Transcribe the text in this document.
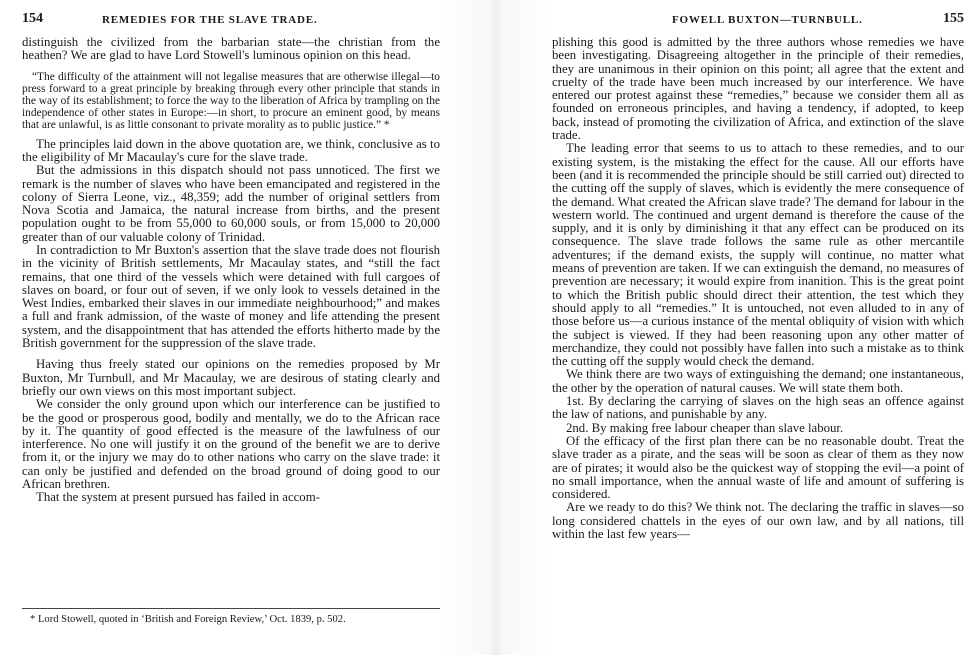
154	REMEDIES FOR THE SLAVE TRADE.

distinguish the civilized from the barbarian state—the christian from the heathen? We are glad to have Lord Stowell's luminous opinion on this head.

“The difficulty of the attainment will not legalise measures that are otherwise illegal—to press forward to a great principle by breaking through every other principle that stands in the way of its establishment; to force the way to the liberation of Africa by trampling on the independence of other states in Europe:—in short, to procure an eminent good, by means that are unlawful, is as little consonant to private morality as to public justice.” *

The principles laid down in the above quotation are, we think, conclusive as to the eligibility of Mr Macaulay's cure for the slave trade.

But the admissions in this dispatch should not pass unnoticed. The first we remark is the number of slaves who have been emancipated and registered in the colony of Sierra Leone, viz., 48,359; add the number of original settlers from Nova Scotia and Jamaica, the natural increase from births, and the present population ought to be from 55,000 to 60,000 souls, or from 15,000 to 20,000 greater than of our valuable colony of Trinidad.

In contradiction to Mr Buxton's assertion that the slave trade does not flourish in the vicinity of British settlements, Mr Macaulay states, and “still the fact remains, that one third of the vessels which were detained with full cargoes of slaves on board, or four out of seven, if we only look to vessels detained in the West Indies, embarked their slaves in our immediate neighbourhood;” and makes a full and frank admission, of the waste of money and life attending the present system, and the disappointment that has attended the efforts hitherto made by the British government for the suppression of the slave trade.

Having thus freely stated our opinions on the remedies proposed by Mr Buxton, Mr Turnbull, and Mr Macaulay, we are desirous of stating clearly and briefly our own views on this most important subject.

We consider the only ground upon which our interference can be justified to be the good or prosperous good, bodily and mentally, we do to the African race by it. The quantity of good effected is the measure of the lawfulness of our interference. No one will justify it on the ground of the benefit we are to derive from it, or the injury we may do to other nations who carry on the slave trade: it can only be justified and defended on the broad ground of doing good to our African brethren.

That the system at present pursued has failed in accom-

* Lord Stowell, quoted in ‘British and Foreign Review,’ Oct. 1839, p. 502.
FOWELL BUXTON—TURNBULL.	155

plishing this good is admitted by the three authors whose remedies we have been investigating. Disagreeing altogether in the principle of their remedies, they are unanimous in their opinion on this point; all agree that the extent and cruelty of the trade have been much increased by our interference. We have entered our protest against these “remedies,” because we consider them all as founded on erroneous principles, and having a tendency, if adopted, to keep back, instead of promoting the civilization of Africa, and extinction of the slave trade.

The leading error that seems to us to attach to these remedies, and to our existing system, is the mistaking the effect for the cause. All our efforts have been (and it is recommended the principle should be still carried out) directed to the cutting off the supply of slaves, which is evidently the mere consequence of the demand. What created the African slave trade? The demand for labour in the western world. The continued and urgent demand is therefore the cause of the supply, and it is only by diminishing it that any effect can be produced on its consequence. The slave trade follows the same rule as other mercantile adventures; if the demand exists, the supply will continue, no matter what means of prevention are taken. If we can extinguish the demand, no measures of prevention are necessary; it would expire from inanition. This is the great point to which the British public should direct their attention, the test which they should apply to all “remedies.” It is untouched, not even alluded to in any of those before us—a curious instance of the mental obliquity of vision with which the subject is viewed. If they had been reasoning upon any other matter of merchandize, they could not possibly have fallen into such a mistake as to think the cutting off the supply would check the demand.

We think there are two ways of extinguishing the demand; one instantaneous, the other by the operation of natural causes. We will state them both.

1st. By declaring the carrying of slaves on the high seas an offence against the law of nations, and punishable by any.

2nd. By making free labour cheaper than slave labour.

Of the efficacy of the first plan there can be no reasonable doubt. Treat the slave trader as a pirate, and the seas will be soon as clear of them as they now are of pirates; it would also be the quickest way of stopping the evil—a point of no small importance, when the annual waste of life and amount of suffering is considered.

Are we ready to do this? We think not. The declaring the traffic in slaves—so long considered chattels in the eyes of our own law, and by all nations, till within the last few years—
